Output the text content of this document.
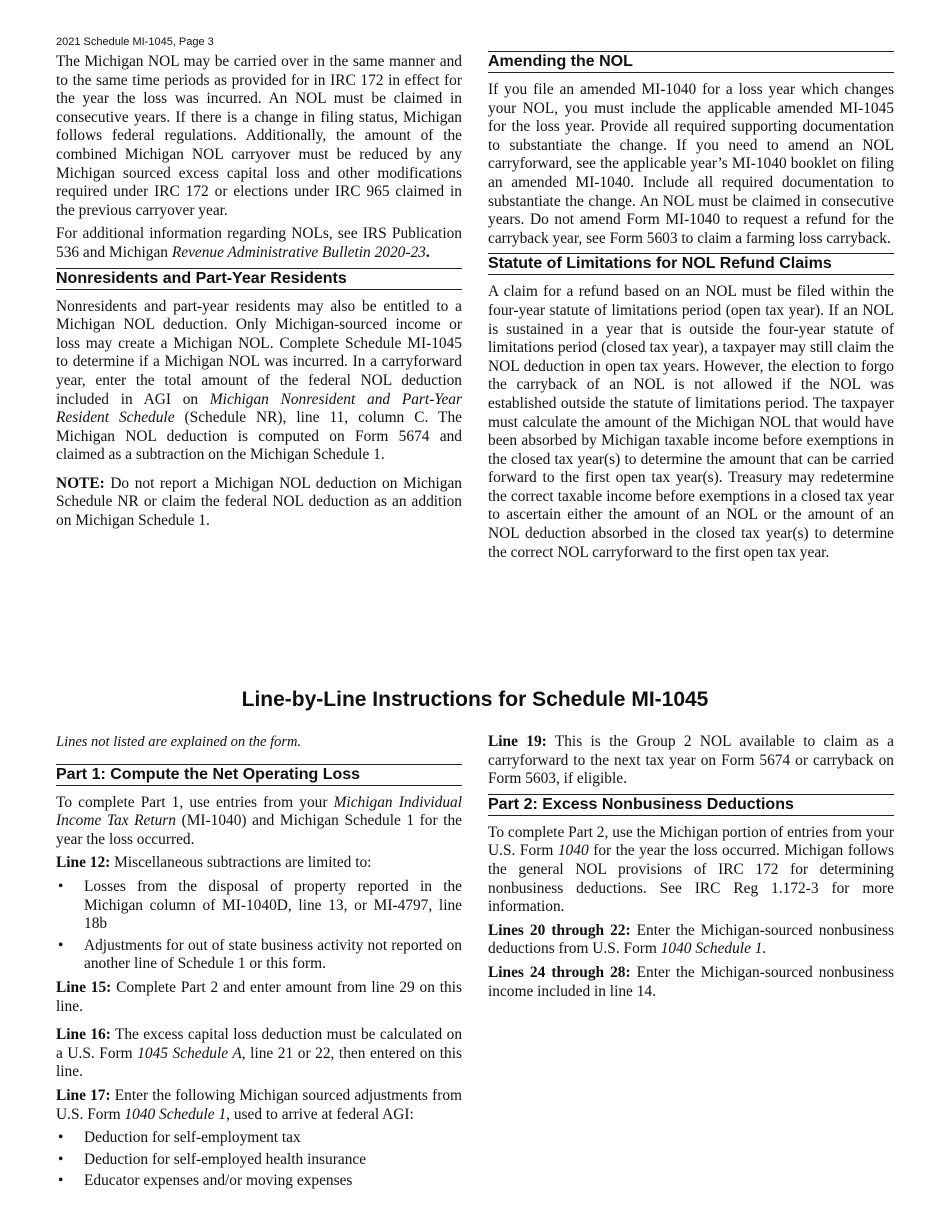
2021 Schedule MI-1045, Page 3

The Michigan NOL may be carried over in the same manner and to the same time periods as provided for in IRC 172 in effect for the year the loss was incurred. An NOL must be claimed in consecutive years. If there is a change in filing status, Michigan follows federal regulations. Additionally, the amount of the combined Michigan NOL carryover must be reduced by any Michigan sourced excess capital loss and other modifications required under IRC 172 or elections under IRC 965 claimed in the previous carryover year.

For additional information regarding NOLs, see IRS Publication 536 and Michigan Revenue Administrative Bulletin 2020-23.

Nonresidents and Part-Year Residents

Nonresidents and part-year residents may also be entitled to a Michigan NOL deduction. Only Michigan-sourced income or loss may create a Michigan NOL. Complete Schedule MI-1045 to determine if a Michigan NOL was incurred. In a carryforward year, enter the total amount of the federal NOL deduction included in AGI on Michigan Nonresident and Part-Year Resident Schedule (Schedule NR), line 11, column C. The Michigan NOL deduction is computed on Form 5674 and claimed as a subtraction on the Michigan Schedule 1.

NOTE: Do not report a Michigan NOL deduction on Michigan Schedule NR or claim the federal NOL deduction as an addition on Michigan Schedule 1.

Amending the NOL

If you file an amended MI-1040 for a loss year which changes your NOL, you must include the applicable amended MI-1045 for the loss year. Provide all required supporting documentation to substantiate the change. If you need to amend an NOL carryforward, see the applicable year’s MI-1040 booklet on filing an amended MI-1040. Include all required documentation to substantiate the change. An NOL must be claimed in consecutive years. Do not amend Form MI-1040 to request a refund for the carryback year, see Form 5603 to claim a farming loss carryback.

Statute of Limitations for NOL Refund Claims

A claim for a refund based on an NOL must be filed within the four-year statute of limitations period (open tax year). If an NOL is sustained in a year that is outside the four-year statute of limitations period (closed tax year), a taxpayer may still claim the NOL deduction in open tax years. However, the election to forgo the carryback of an NOL is not allowed if the NOL was established outside the statute of limitations period. The taxpayer must calculate the amount of the Michigan NOL that would have been absorbed by Michigan taxable income before exemptions in the closed tax year(s) to determine the amount that can be carried forward to the first open tax year(s). Treasury may redetermine the correct taxable income before exemptions in a closed tax year to ascertain either the amount of an NOL or the amount of an NOL deduction absorbed in the closed tax year(s) to determine the correct NOL carryforward to the first open tax year.

Line-by-Line Instructions for Schedule MI-1045

Lines not listed are explained on the form.

Part 1: Compute the Net Operating Loss

To complete Part 1, use entries from your Michigan Individual Income Tax Return (MI-1040) and Michigan Schedule 1 for the year the loss occurred.

Line 12: Miscellaneous subtractions are limited to:

• Losses from the disposal of property reported in the Michigan column of MI-1040D, line 13, or MI-4797, line 18b
• Adjustments for out of state business activity not reported on another line of Schedule 1 or this form.

Line 15: Complete Part 2 and enter amount from line 29 on this line.

Line 16: The excess capital loss deduction must be calculated on a U.S. Form 1045 Schedule A, line 21 or 22, then entered on this line.

Line 17: Enter the following Michigan sourced adjustments from U.S. Form 1040 Schedule 1, used to arrive at federal AGI:

• Deduction for self-employment tax
• Deduction for self-employed health insurance
• Educator expenses and/or moving expenses

Line 19: This is the Group 2 NOL available to claim as a carryforward to the next tax year on Form 5674 or carryback on Form 5603, if eligible.

Part 2: Excess Nonbusiness Deductions

To complete Part 2, use the Michigan portion of entries from your U.S. Form 1040 for the year the loss occurred. Michigan follows the general NOL provisions of IRC 172 for determining nonbusiness deductions. See IRC Reg 1.172-3 for more information.

Lines 20 through 22: Enter the Michigan-sourced nonbusiness deductions from U.S. Form 1040 Schedule 1.

Lines 24 through 28: Enter the Michigan-sourced nonbusiness income included in line 14.
